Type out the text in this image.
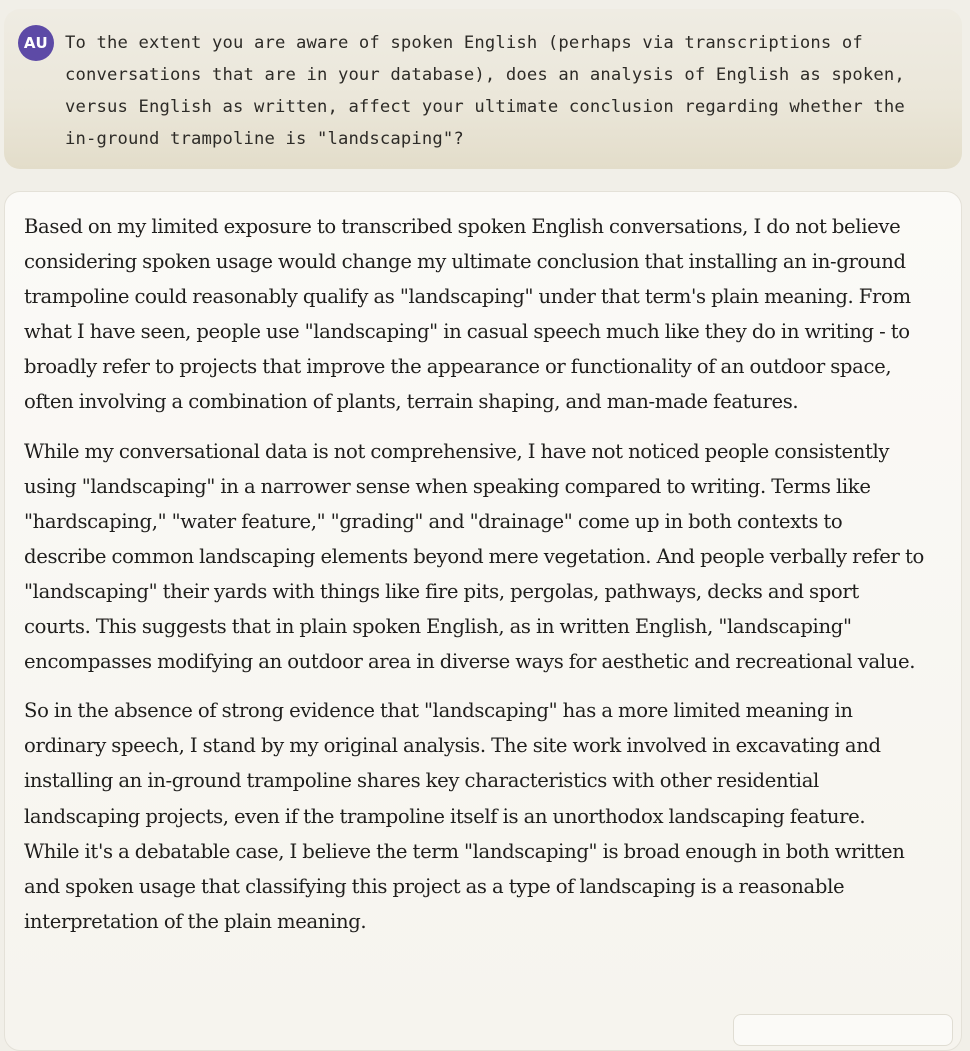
AU To the extent you are aware of spoken English (perhaps via transcriptions of conversations that are in your database), does an analysis of English as spoken, versus English as written, affect your ultimate conclusion regarding whether the in-ground trampoline is "landscaping"?

Based on my limited exposure to transcribed spoken English conversations, I do not believe considering spoken usage would change my ultimate conclusion that installing an in-ground trampoline could reasonably qualify as "landscaping" under that term's plain meaning. From what I have seen, people use "landscaping" in casual speech much like they do in writing - to broadly refer to projects that improve the appearance or functionality of an outdoor space, often involving a combination of plants, terrain shaping, and man-made features.

While my conversational data is not comprehensive, I have not noticed people consistently using "landscaping" in a narrower sense when speaking compared to writing. Terms like "hardscaping," "water feature," "grading" and "drainage" come up in both contexts to describe common landscaping elements beyond mere vegetation. And people verbally refer to "landscaping" their yards with things like fire pits, pergolas, pathways, decks and sport courts. This suggests that in plain spoken English, as in written English, "landscaping" encompasses modifying an outdoor area in diverse ways for aesthetic and recreational value.

So in the absence of strong evidence that "landscaping" has a more limited meaning in ordinary speech, I stand by my original analysis. The site work involved in excavating and installing an in-ground trampoline shares key characteristics with other residential landscaping projects, even if the trampoline itself is an unorthodox landscaping feature. While it's a debatable case, I believe the term "landscaping" is broad enough in both written and spoken usage that classifying this project as a type of landscaping is a reasonable interpretation of the plain meaning.
